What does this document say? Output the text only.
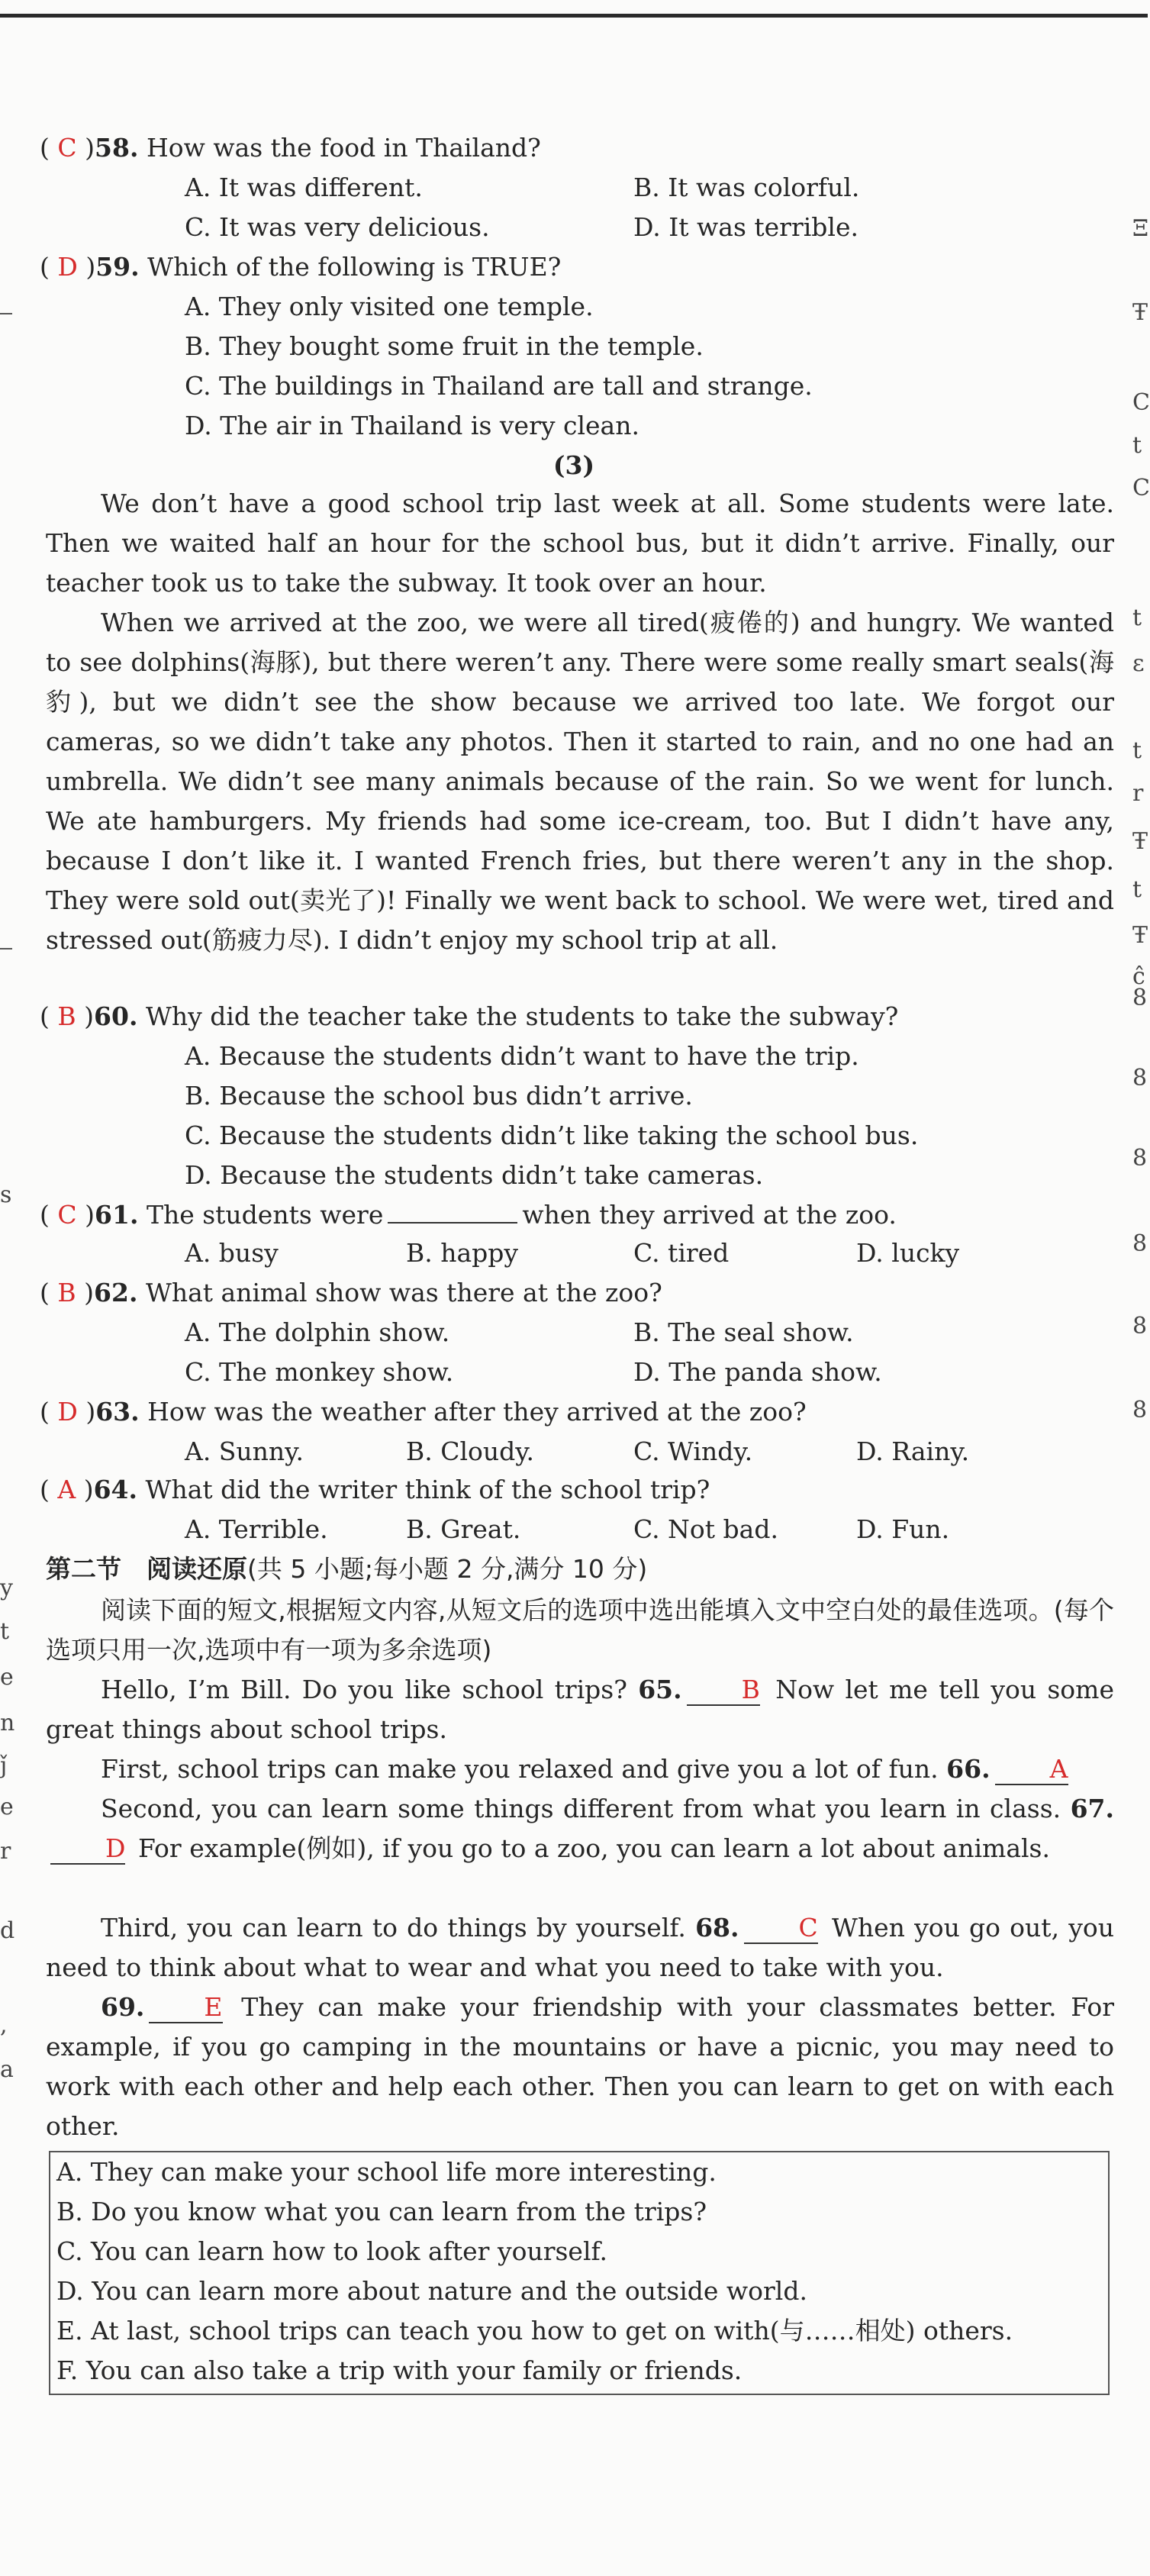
s
y
t
e
n
ǰ
e
r
d
,
a
Ξ
Ŧ
C
t
C
t
ε
t
r
Ŧ
t
Ŧ
ĉ
8
8
8
8
8
8
( C )58. How was the food in Thailand?
A. It was different.	B. It was colorful.
C. It was very delicious.	D. It was terrible.
( D )59. Which of the following is TRUE?
A. They only visited one temple.
B. They bought some fruit in the temple.
C. The buildings in Thailand are tall and strange.
D. The air in Thailand is very clean.
(3)
We don’t have a good school trip last week at all. Some students were late. Then we waited half an hour for the school bus, but it didn’t arrive. Finally, our teacher took us to take the subway. It took over an hour.
When we arrived at the zoo, we were all tired(疲倦的) and hungry. We wanted to see dolphins(海豚), but there weren’t any. There were some really smart seals(海豹), but we didn’t see the show because we arrived too late. We forgot our cameras, so we didn’t take any photos. Then it started to rain, and no one had an umbrella. We didn’t see many animals because of the rain. So we went for lunch. We ate hamburgers. My friends had some ice-cream, too. But I didn’t have any, because I don’t like it. I wanted French fries, but there weren’t any in the shop. They were sold out(卖光了)! Finally we went back to school. We were wet, tired and stressed out(筋疲力尽). I didn’t enjoy my school trip at all.
( B )60. Why did the teacher take the students to take the subway?
A. Because the students didn’t want to have the trip.
B. Because the school bus didn’t arrive.
C. Because the students didn’t like taking the school bus.
D. Because the students didn’t take cameras.
( C )61. The students were	when they arrived at the zoo.
A. busy	B. happy	C. tired	D. lucky
( B )62. What animal show was there at the zoo?
A. The dolphin show.	B. The seal show.
C. The monkey show.	D. The panda show.
( D )63. How was the weather after they arrived at the zoo?
A. Sunny.	B. Cloudy.	C. Windy.	D. Rainy.
( A )64. What did the writer think of the school trip?
A. Terrible.	B. Great.	C. Not bad.	D. Fun.
第二节　阅读还原(共 5 小题;每小题 2 分,满分 10 分)
阅读下面的短文,根据短文内容,从短文后的选项中选出能填入文中空白处的最佳选项。(每个选项只用一次,选项中有一项为多余选项)
Hello, I’m Bill. Do you like school trips? 65. B Now let me tell you some great things about school trips.
First, school trips can make you relaxed and give you a lot of fun. 66. A
Second, you can learn some things different from what you learn in class. 67.D For example(例如), if you go to a zoo, you can learn a lot about animals.
Third, you can learn to do things by yourself. 68. C When you go out, you need to think about what to wear and what you need to take with you.
69. E They can make your friendship with your classmates better. For example, if you go camping in the mountains or have a picnic, you may need to work with each other and help each other. Then you can learn to get on with each other.
A. They can make your school life more interesting.
B. Do you know what you can learn from the trips?
C. You can learn how to look after yourself.
D. You can learn more about nature and the outside world.
E. At last, school trips can teach you how to get on with(与……相处) others.
F. You can also take a trip with your family or friends.
